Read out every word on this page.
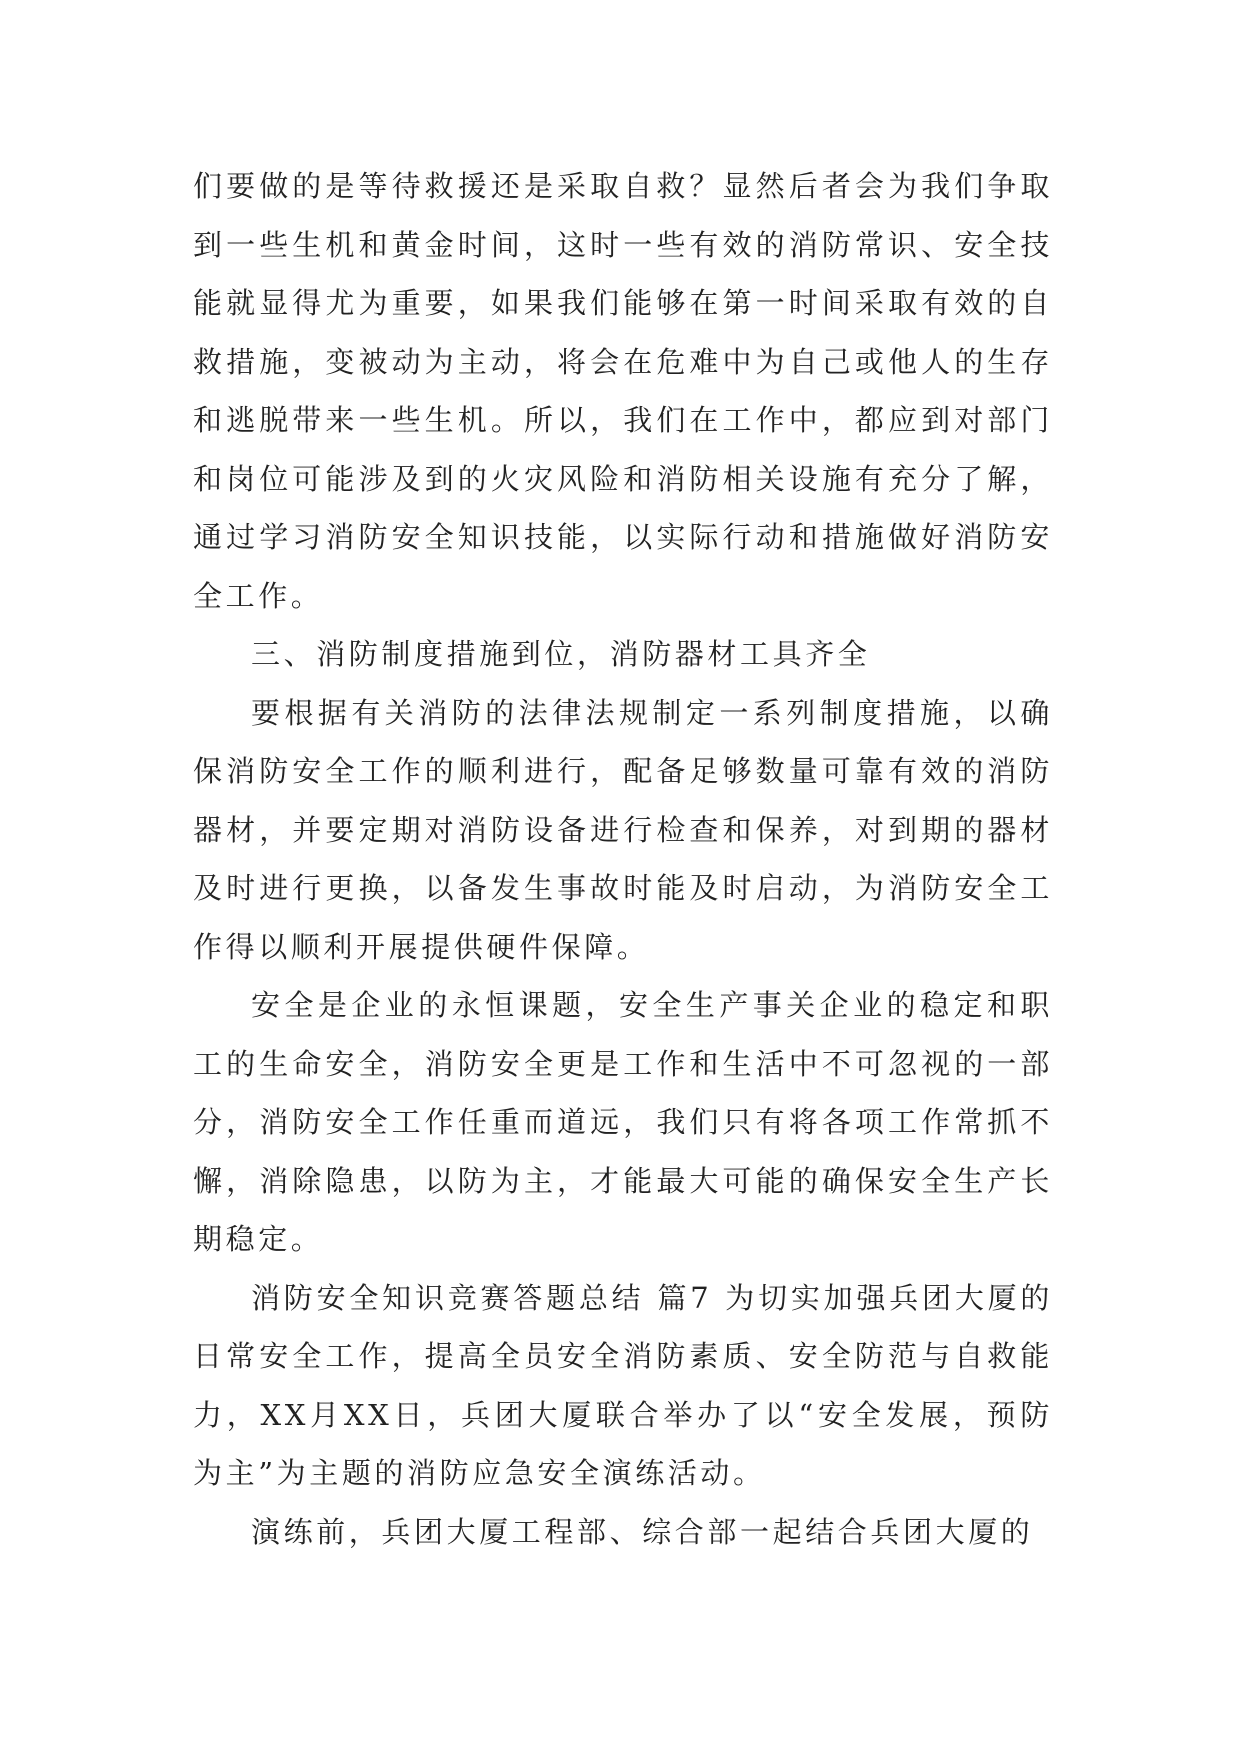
们要做的是等待救援还是采取自救？显然后者会为我们争取到一些生机和黄金时间，这时一些有效的消防常识、安全技能就显得尤为重要，如果我们能够在第一时间采取有效的自救措施，变被动为主动，将会在危难中为自己或他人的生存和逃脱带来一些生机。所以，我们在工作中，都应到对部门和岗位可能涉及到的火灾风险和消防相关设施有充分了解，通过学习消防安全知识技能，以实际行动和措施做好消防安全工作。

三、消防制度措施到位，消防器材工具齐全

要根据有关消防的法律法规制定一系列制度措施，以确保消防安全工作的顺利进行，配备足够数量可靠有效的消防器材，并要定期对消防设备进行检查和保养，对到期的器材及时进行更换，以备发生事故时能及时启动，为消防安全工作得以顺利开展提供硬件保障。

安全是企业的永恒课题，安全生产事关企业的稳定和职工的生命安全，消防安全更是工作和生活中不可忽视的一部分，消防安全工作任重而道远，我们只有将各项工作常抓不懈，消除隐患，以防为主，才能最大可能的确保安全生产长期稳定。

消防安全知识竞赛答题总结 篇7 为切实加强兵团大厦的日常安全工作，提高全员安全消防素质、安全防范与自救能力，XX月XX日，兵团大厦联合举办了以“安全发展，预防为主”为主题的消防应急安全演练活动。

演练前，兵团大厦工程部、综合部一起结合兵团大厦的
